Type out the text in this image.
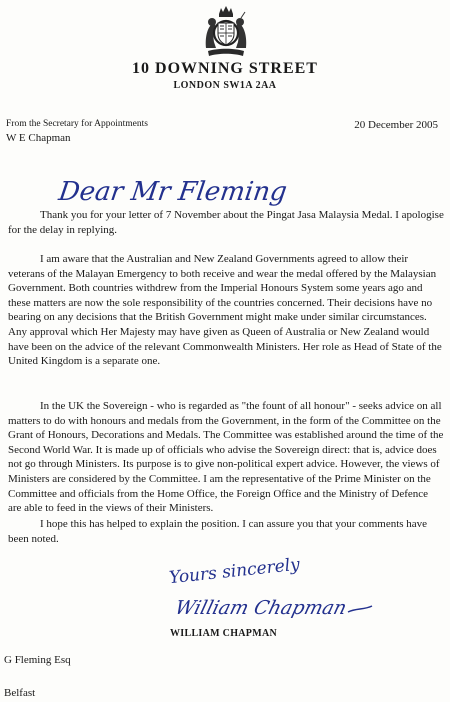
10 DOWNING STREET
LONDON SW1A 2AA
From the Secretary for Appointments
W E Chapman
20 December 2005
Dear Mr Fleming

Thank you for your letter of 7 November about the Pingat Jasa Malaysia Medal. I apologise for the delay in replying.

I am aware that the Australian and New Zealand Governments agreed to allow their veterans of the Malayan Emergency to both receive and wear the medal offered by the Malaysian Government. Both countries withdrew from the Imperial Honours System some years ago and these matters are now the sole responsibility of the countries concerned. Their decisions have no bearing on any decisions that the British Government might make under similar circumstances. Any approval which Her Majesty may have given as Queen of Australia or New Zealand would have been on the advice of the relevant Commonwealth Ministers. Her role as Head of State of the United Kingdom is a separate one.

In the UK the Sovereign - who is regarded as "the fount of all honour" - seeks advice on all matters to do with honours and medals from the Government, in the form of the Committee on the Grant of Honours, Decorations and Medals. The Committee was established around the time of the Second World War. It is made up of officials who advise the Sovereign direct: that is, advice does not go through Ministers. Its purpose is to give non-political expert advice. However, the views of Ministers are considered by the Committee. I am the representative of the Prime Minister on the Committee and officials from the Home Office, the Foreign Office and the Ministry of Defence are able to feed in the views of their Ministers.

I hope this has helped to explain the position. I can assure you that your comments have been noted.

Yours sincerely
William Chapman
WILLIAM CHAPMAN
G Fleming Esq
Belfast
